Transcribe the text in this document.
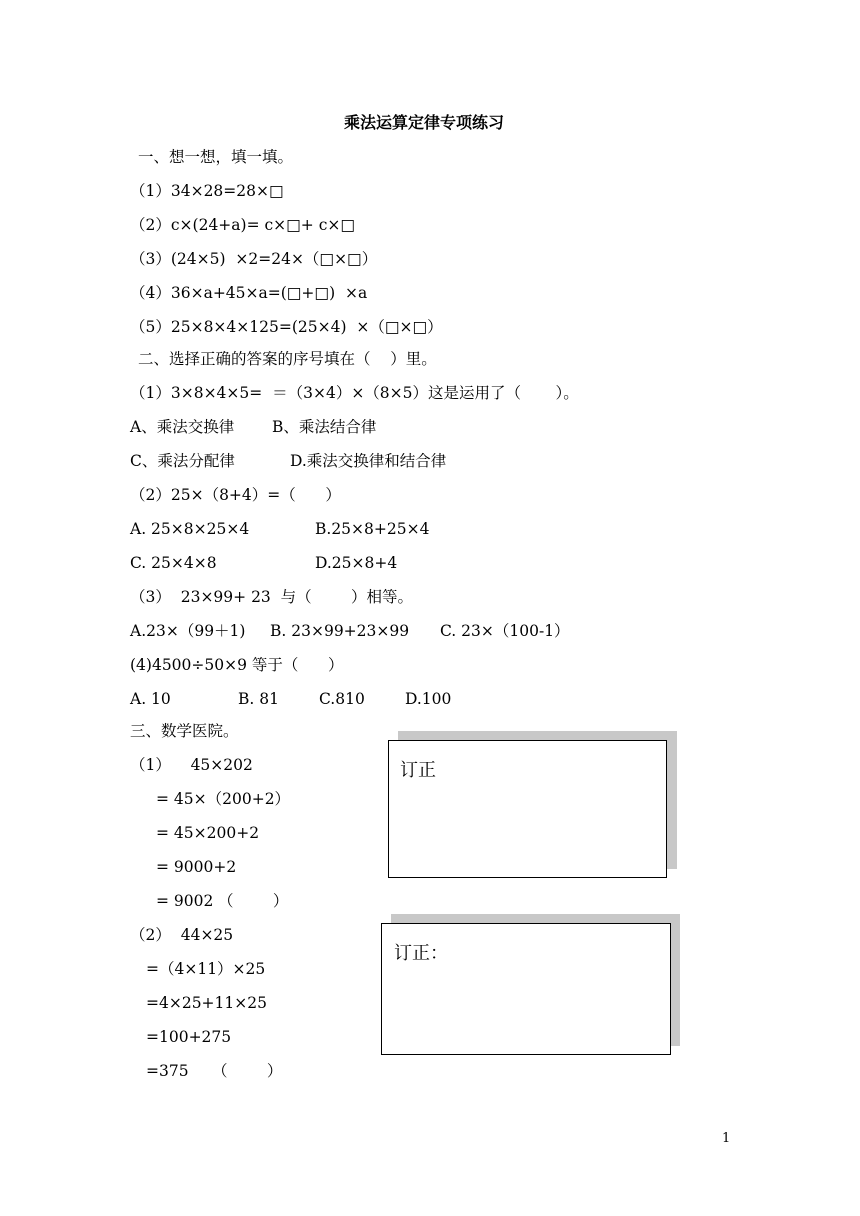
乘法运算定律专项练习
一、想一想，填一填。
（1）34×28=28×□
（2）c×(24+a)= c×□+ c×□
（3）(24×5)  ×2=24×（□×□）
（4）36×a+45×a=(□+□)  ×a
（5）25×8×4×125=(25×4)  ×（□×□）
二、选择正确的答案的序号填在（    ）里。
（1）3×8×4×5=  ＝（3×4）×（8×5）这是运用了（       ）。
A、乘法交换律 B、乘法结合律
C、乘法分配律	D.乘法交换律和结合律
（2）25×（8+4）=（      ）
A. 25×8×25×4	B.25×8+25×4
C. 25×4×8	D.25×8+4
（3）  23×99+ 23  与（        ）相等。
A.23×（99＋1) B. 23×99+23×99 C. 23×（100-1）
(4)4500÷50×9 等于（      ）
A. 10	B. 81	C.810	D.100
三、数学医院。
（1）    45×202
= 45×（200+2）
= 45×200+2
= 9000+2
= 9002 （        ）
订正
（2）  44×25
=（4×11）×25
=4×25+11×25
=100+275
=375 （        ）
订正：
1
